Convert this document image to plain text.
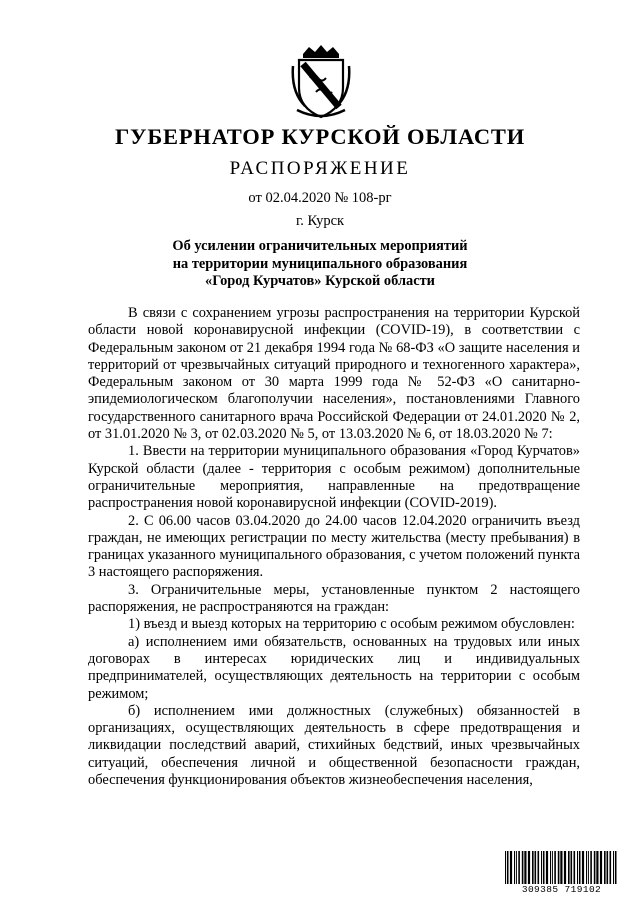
ГУБЕРНАТОР КУРСКОЙ ОБЛАСТИ
РАСПОРЯЖЕНИЕ
от 02.04.2020 № 108-рг
г. Курск
Об усилении ограничительных мероприятий
на территории муниципального образования
«Город Курчатов» Курской области

В связи с сохранением угрозы распространения на территории Курской области новой коронавирусной инфекции (COVID-19), в соответствии с Федеральным законом от 21 декабря 1994 года № 68-ФЗ «О защите населения и территорий от чрезвычайных ситуаций природного и техногенного характера», Федеральным законом от 30 марта 1999 года № 52-ФЗ «О санитарно-эпидемиологическом благополучии населения», постановлениями Главного государственного санитарного врача Российской Федерации от 24.01.2020 № 2, от 31.01.2020 № 3, от 02.03.2020 № 5, от 13.03.2020 № 6, от 18.03.2020 № 7:

1. Ввести на территории муниципального образования «Город Курчатов» Курской области (далее - территория с особым режимом) дополнительные ограничительные мероприятия, направленные на предотвращение распространения новой коронавирусной инфекции (COVID-2019).

2. С 06.00 часов 03.04.2020 до 24.00 часов 12.04.2020 ограничить въезд граждан, не имеющих регистрации по месту жительства (месту пребывания) в границах указанного муниципального образования, с учетом положений пункта 3 настоящего распоряжения.

3. Ограничительные меры, установленные пунктом 2 настоящего распоряжения, не распространяются на граждан:

1) въезд и выезд которых на территорию с особым режимом обусловлен:

а) исполнением ими обязательств, основанных на трудовых или иных договорах в интересах юридических лиц и индивидуальных предпринимателей, осуществляющих деятельность на территории с особым режимом;

б) исполнением ими должностных (служебных) обязанностей в организациях, осуществляющих деятельность в сфере предотвращения и ликвидации последствий аварий, стихийных бедствий, иных чрезвычайных ситуаций, обеспечения личной и общественной безопасности граждан, обеспечения функционирования объектов жизнеобеспечения населения,

309385 719102
